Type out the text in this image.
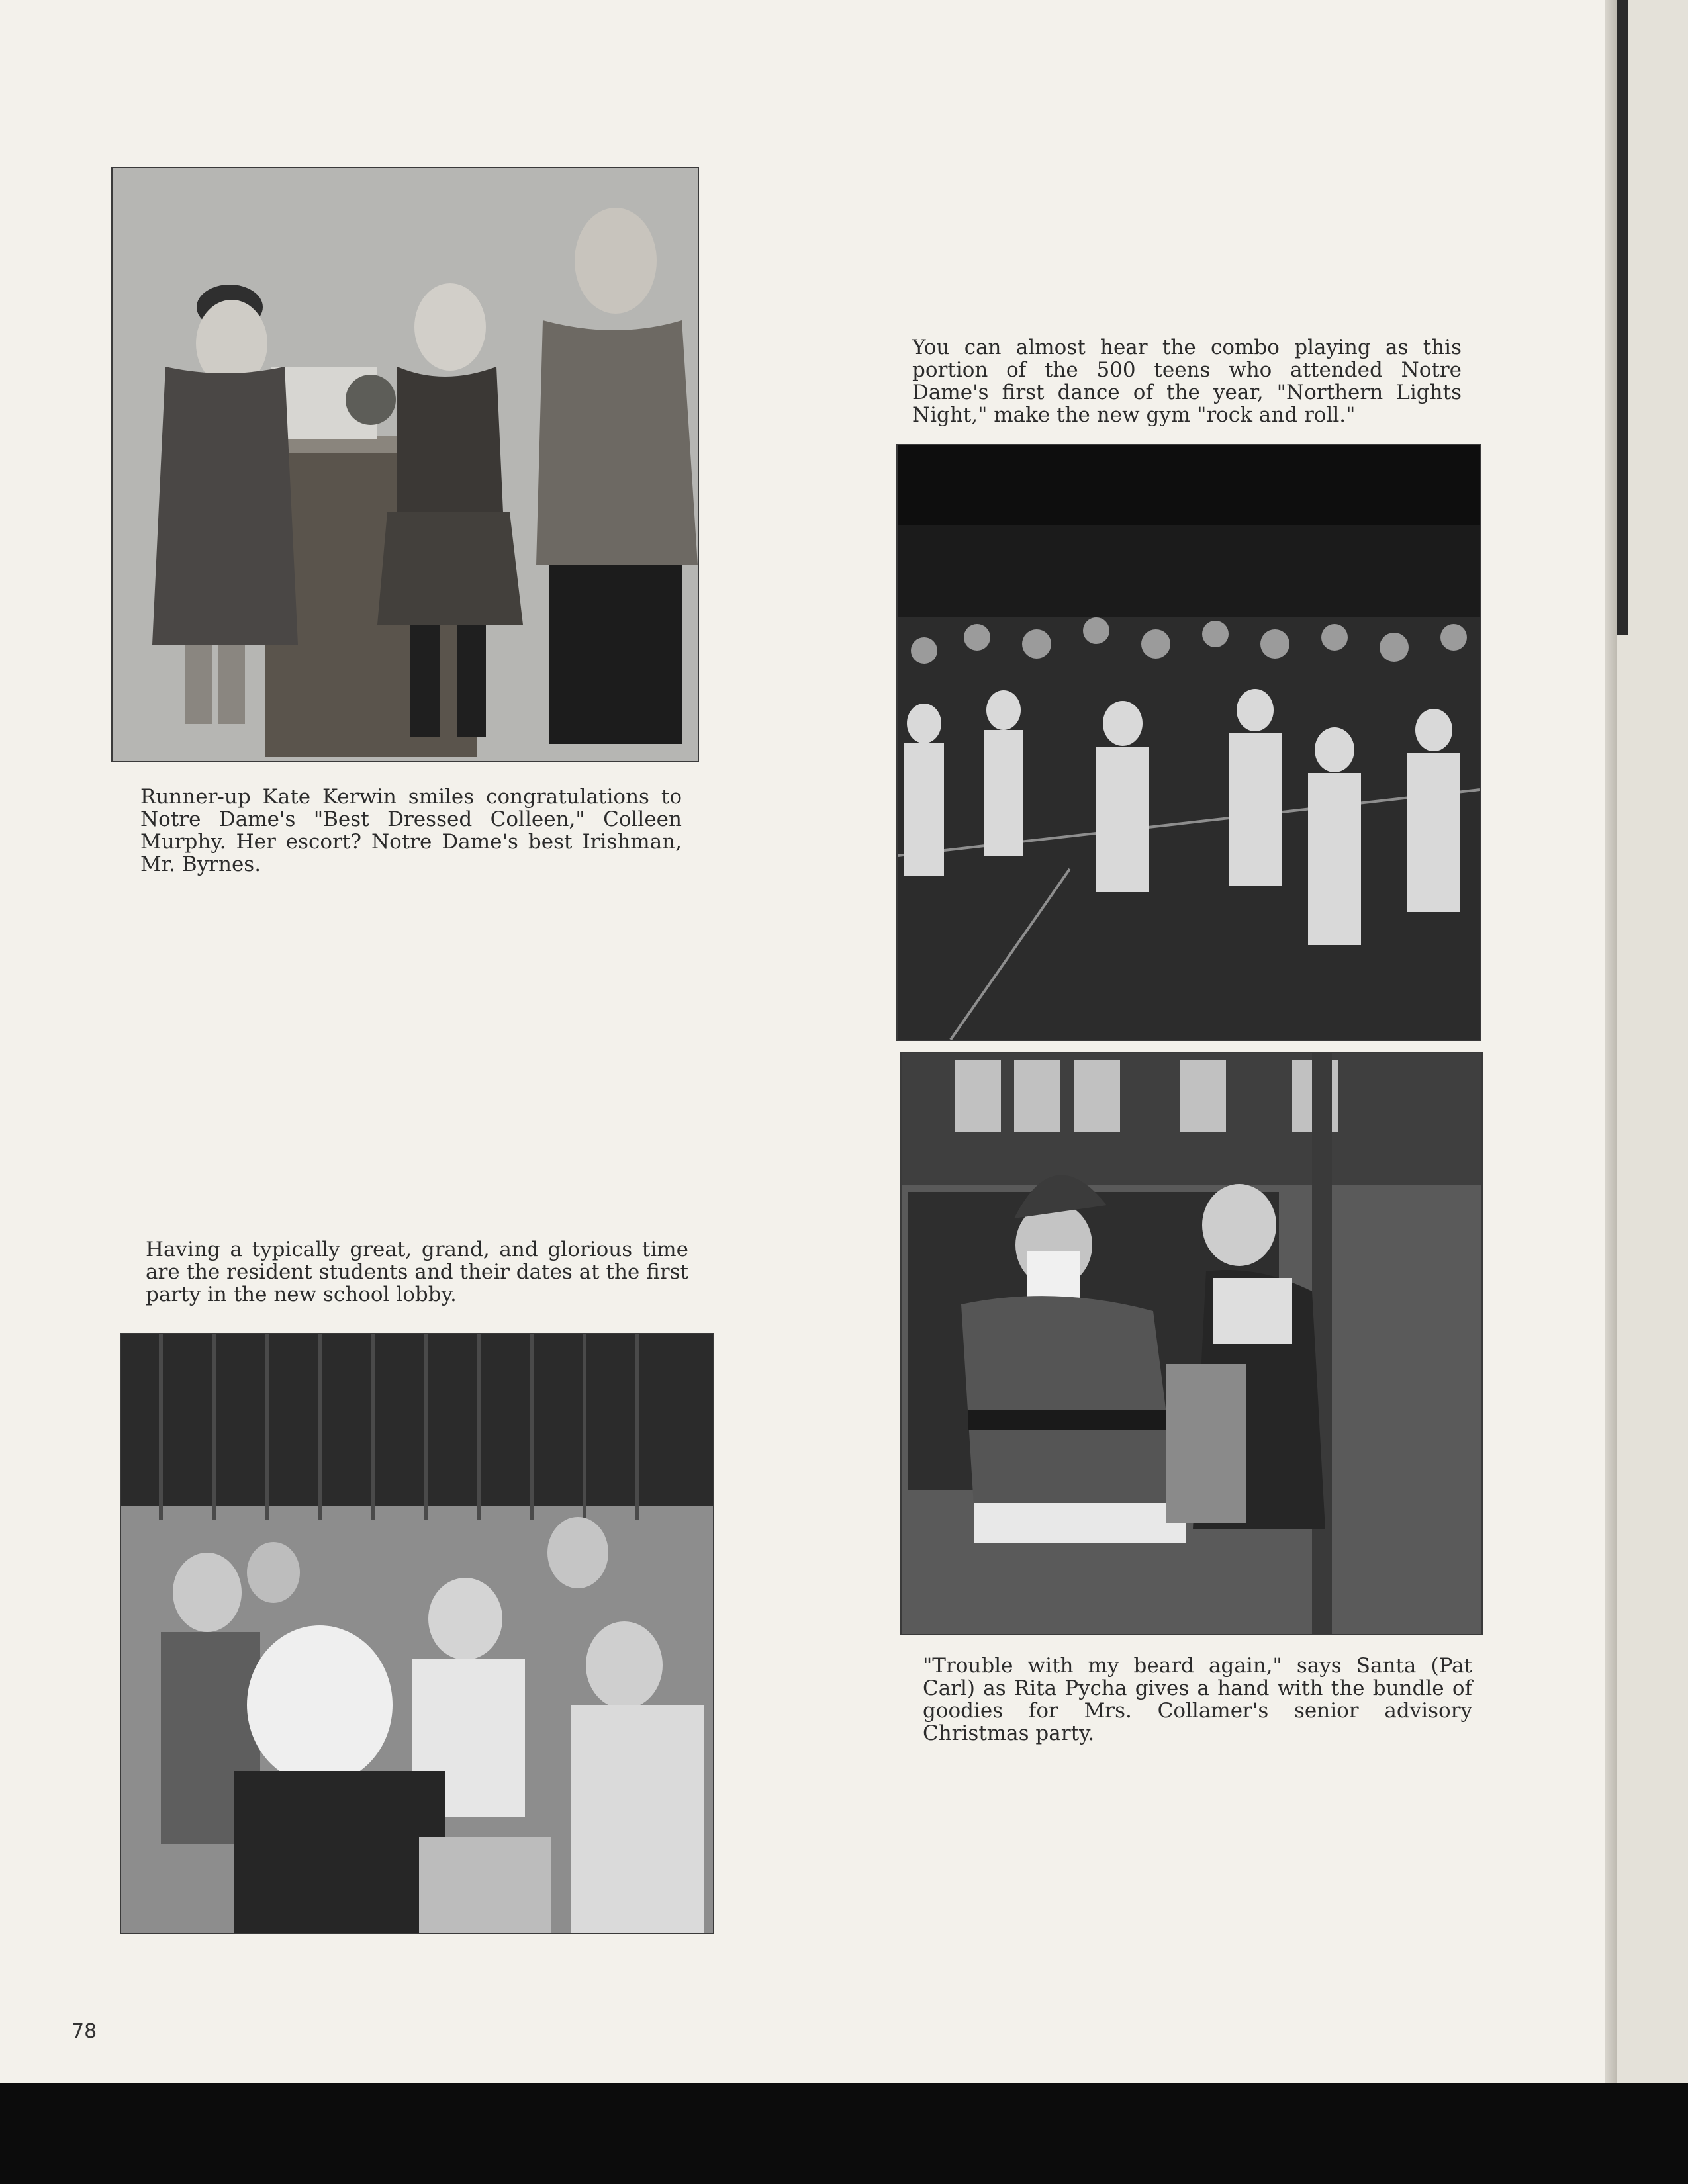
Runner-up Kate Kerwin smiles congratulations to Notre Dame's "Best Dressed Colleen," Colleen Murphy. Her escort? Notre Dame's best Irishman, Mr. Byrnes.

You can almost hear the combo playing as this portion of the 500 teens who attended Notre Dame's first dance of the year, "Northern Lights Night," make the new gym "rock and roll."

Having a typically great, grand, and glorious time are the resident students and their dates at the first party in the new school lobby.

"Trouble with my beard again," says Santa (Pat Carl) as Rita Pycha gives a hand with the bundle of goodies for Mrs. Collamer's senior advisory Christmas party.

78
